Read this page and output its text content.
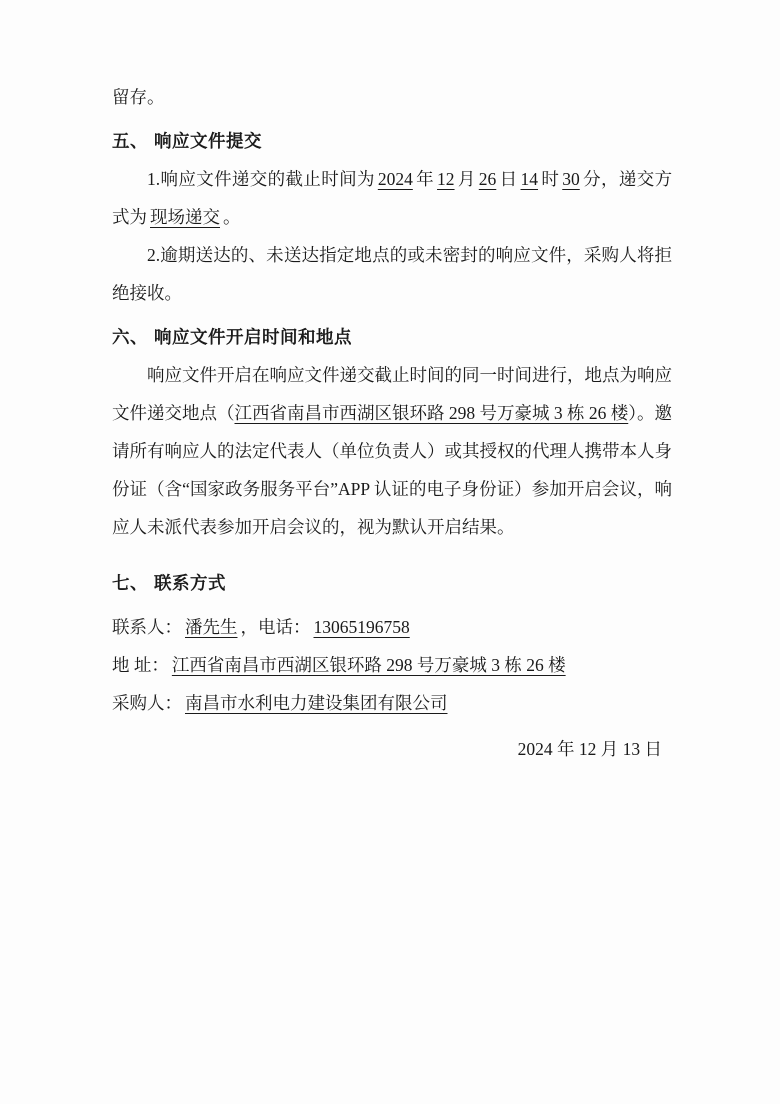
留存。

五、 响应文件提交

1.响应文件递交的截止时间为 2024 年 12 月 26 日 14 时 30 分，递交方式为 现场递交 。

2.逾期送达的、未送达指定地点的或未密封的响应文件，采购人将拒绝接收。

六、 响应文件开启时间和地点

响应文件开启在响应文件递交截止时间的同一时间进行，地点为响应文件递交地点（江西省南昌市西湖区银环路 298 号万豪城 3 栋 26 楼）。邀请所有响应人的法定代表人（单位负责人）或其授权的代理人携带本人身份证（含“国家政务服务平台”APP 认证的电子身份证）参加开启会议，响应人未派代表参加开启会议的，视为默认开启结果。

七、 联系方式

联系人： 潘先生 ，电话： 13065196758

地 址： 江西省南昌市西湖区银环路 298 号万豪城 3 栋 26 楼

采购人： 南昌市水利电力建设集团有限公司

2024 年 12 月 13 日
